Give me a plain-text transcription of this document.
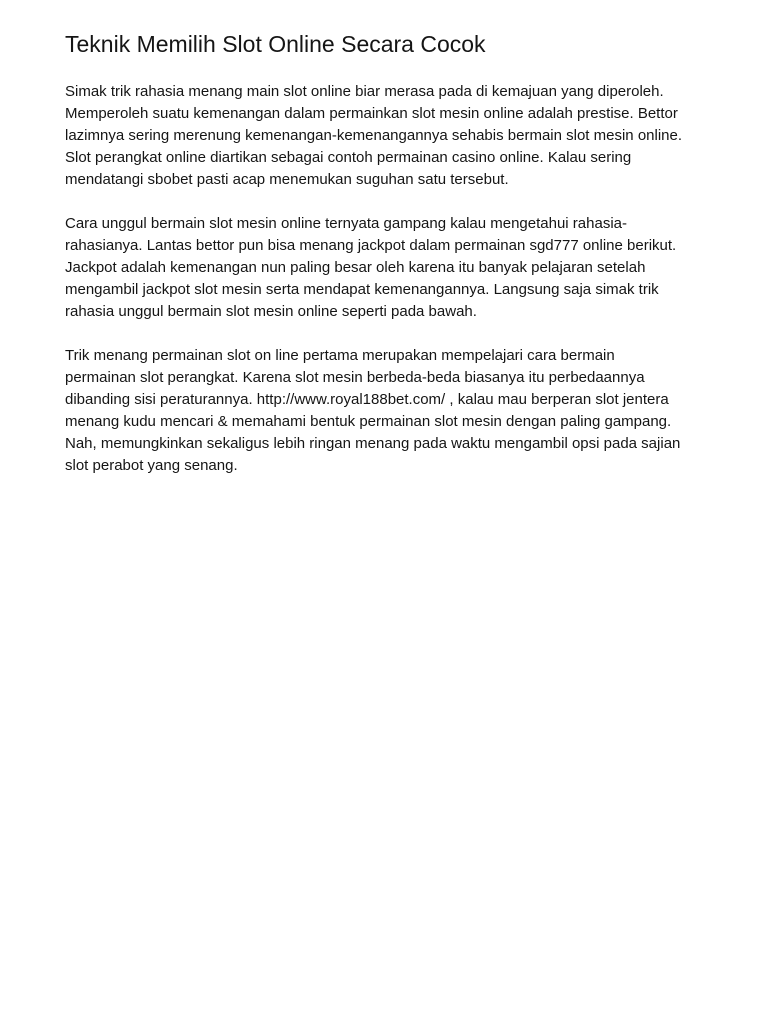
Teknik Memilih Slot Online Secara Cocok

Simak trik rahasia menang main slot online biar merasa pada di kemajuan yang diperoleh.
Memperoleh suatu kemenangan dalam permainkan slot mesin online adalah prestise. Bettor
lazimnya sering merenung kemenangan-kemenangannya sehabis bermain slot mesin online.
Slot perangkat online diartikan sebagai contoh permainan casino online. Kalau sering
mendatangi sbobet pasti acap menemukan suguhan satu tersebut.

Cara unggul bermain slot mesin online ternyata gampang kalau mengetahui rahasia-
rahasianya. Lantas bettor pun bisa menang jackpot dalam permainan sgd777 online berikut.
Jackpot adalah kemenangan nun paling besar oleh karena itu banyak pelajaran setelah
mengambil jackpot slot mesin serta mendapat kemenangannya. Langsung saja simak trik
rahasia unggul bermain slot mesin online seperti pada bawah.

Trik menang permainan slot on line pertama merupakan mempelajari cara bermain
permainan slot perangkat. Karena slot mesin berbeda-beda biasanya itu perbedaannya
dibanding sisi peraturannya. http://www.royal188bet.com/ , kalau mau berperan slot jentera
menang kudu mencari & memahami bentuk permainan slot mesin dengan paling gampang.
Nah, memungkinkan sekaligus lebih ringan menang pada waktu mengambil opsi pada sajian
slot perabot yang senang.
